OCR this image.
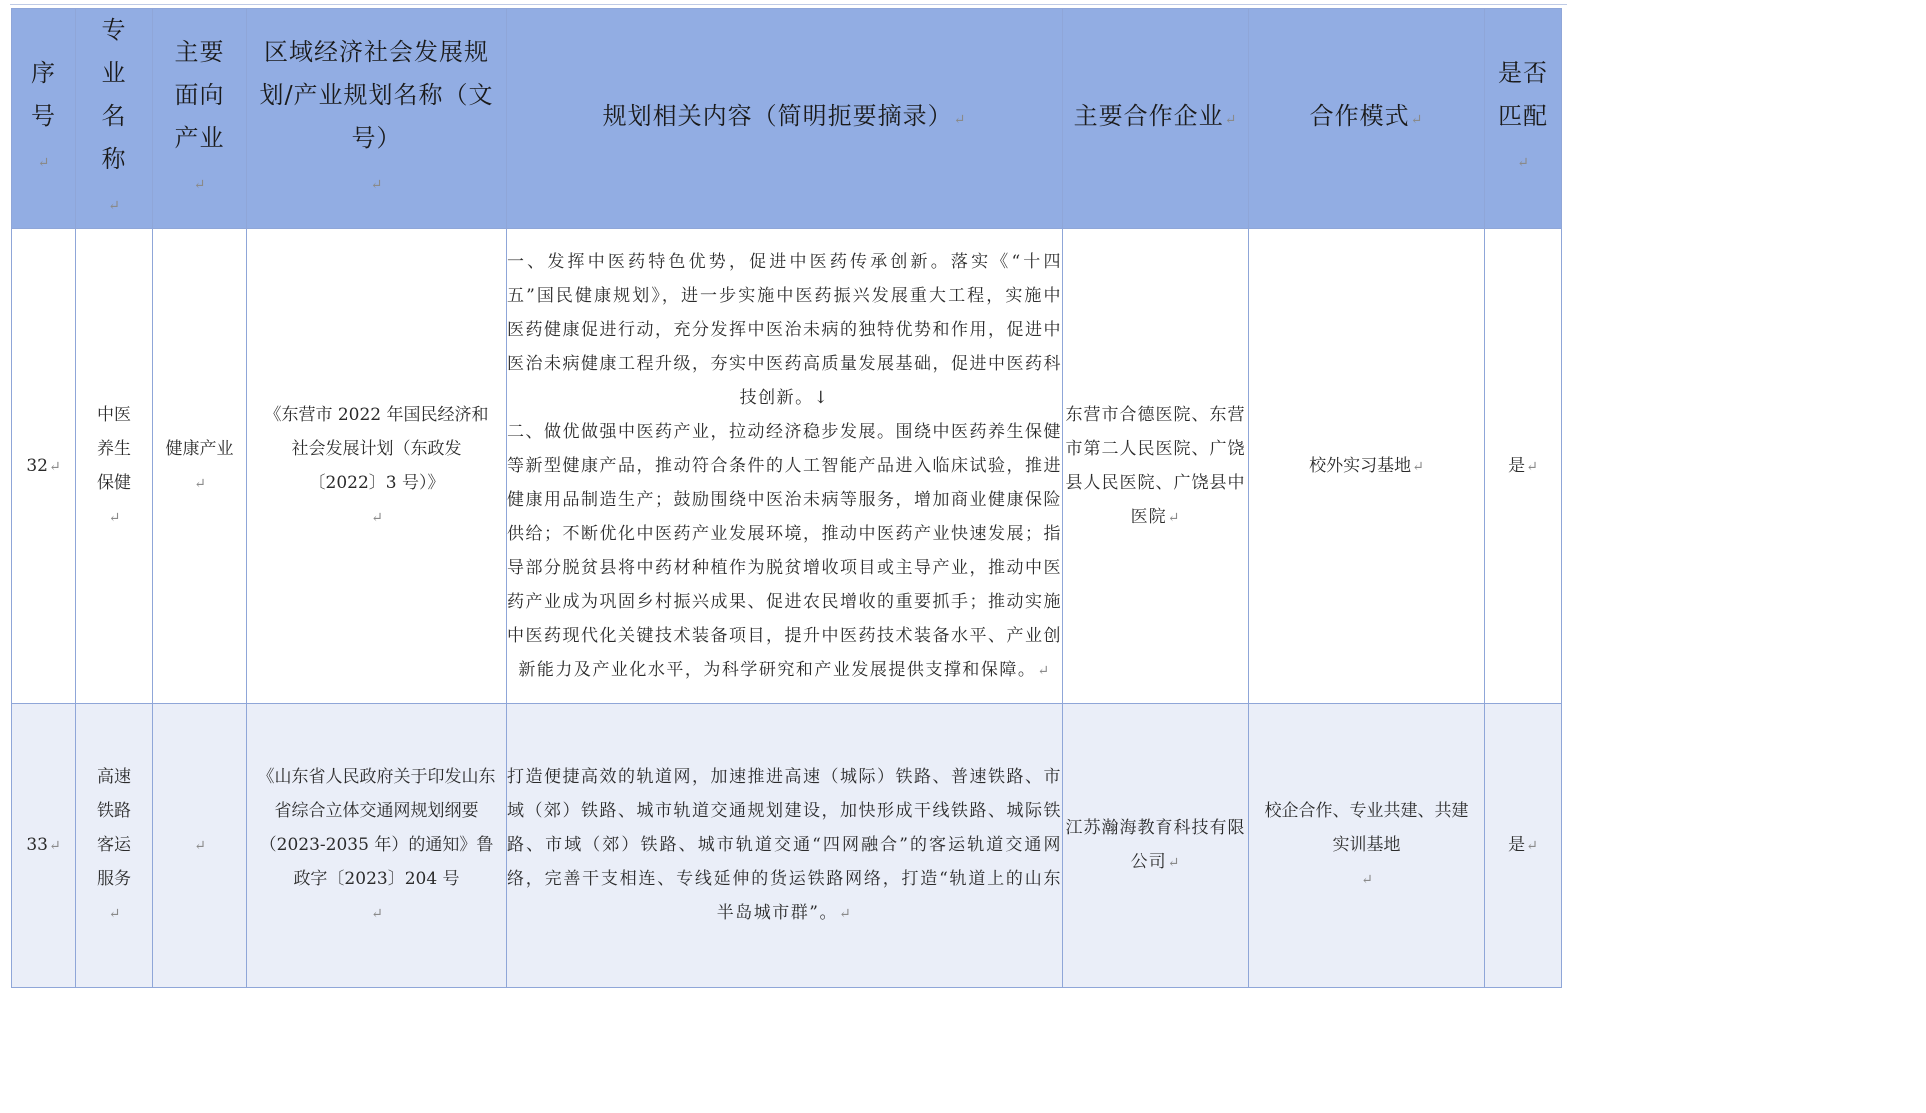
序号↵	专业名称↵	主要面向产业↵	区域经济社会发展规划/产业规划名称（文号）↵	规划相关内容（简明扼要摘录）↵	主要合作企业↵	合作模式↵	是否匹配↵
32↵	中医养生保健↵	健康产业↵	《东营市 2022 年国民经济和社会发展计划（东政发〔2022〕3 号）》↵	一、发挥中医药特色优势，促进中医药传承创新。落实《“十四五”国民健康规划》，进一步实施中医药振兴发展重大工程，实施中医药健康促进行动，充分发挥中医治未病的独特优势和作用，促进中医治未病健康工程升级，夯实中医药高质量发展基础，促进中医药科技创新。↓

二、做优做强中医药产业，拉动经济稳步发展。围绕中医药养生保健等新型健康产品，推动符合条件的人工智能产品进入临床试验，推进健康用品制造生产；鼓励围绕中医治未病等服务，增加商业健康保险供给；不断优化中医药产业发展环境，推动中医药产业快速发展；指导部分脱贫县将中药材种植作为脱贫增收项目或主导产业，推动中医药产业成为巩固乡村振兴成果、促进农民增收的重要抓手；推动实施中医药现代化关键技术装备项目，提升中医药技术装备水平、产业创新能力及产业化水平，为科学研究和产业发展提供支撑和保障。↵	东营市合德医院、东营市第二人民医院、广饶县人民医院、广饶县中医院↵	校外实习基地↵	是↵
33↵	高速铁路客运服务↵	↵	《山东省人民政府关于印发山东省综合立体交通网规划纲要（2023-2035 年）的通知》鲁政字〔2023〕204 号↵	打造便捷高效的轨道网，加速推进高速（城际）铁路、普速铁路、市域（郊）铁路、城市轨道交通规划建设，加快形成干线铁路、城际铁路、市域（郊）铁路、城市轨道交通“四网融合”的客运轨道交通网络，完善干支相连、专线延伸的货运铁路网络，打造“轨道上的山东半岛城市群”。↵	江苏瀚海教育科技有限公司↵	校企合作、专业共建、共建实训基地↵	是↵
